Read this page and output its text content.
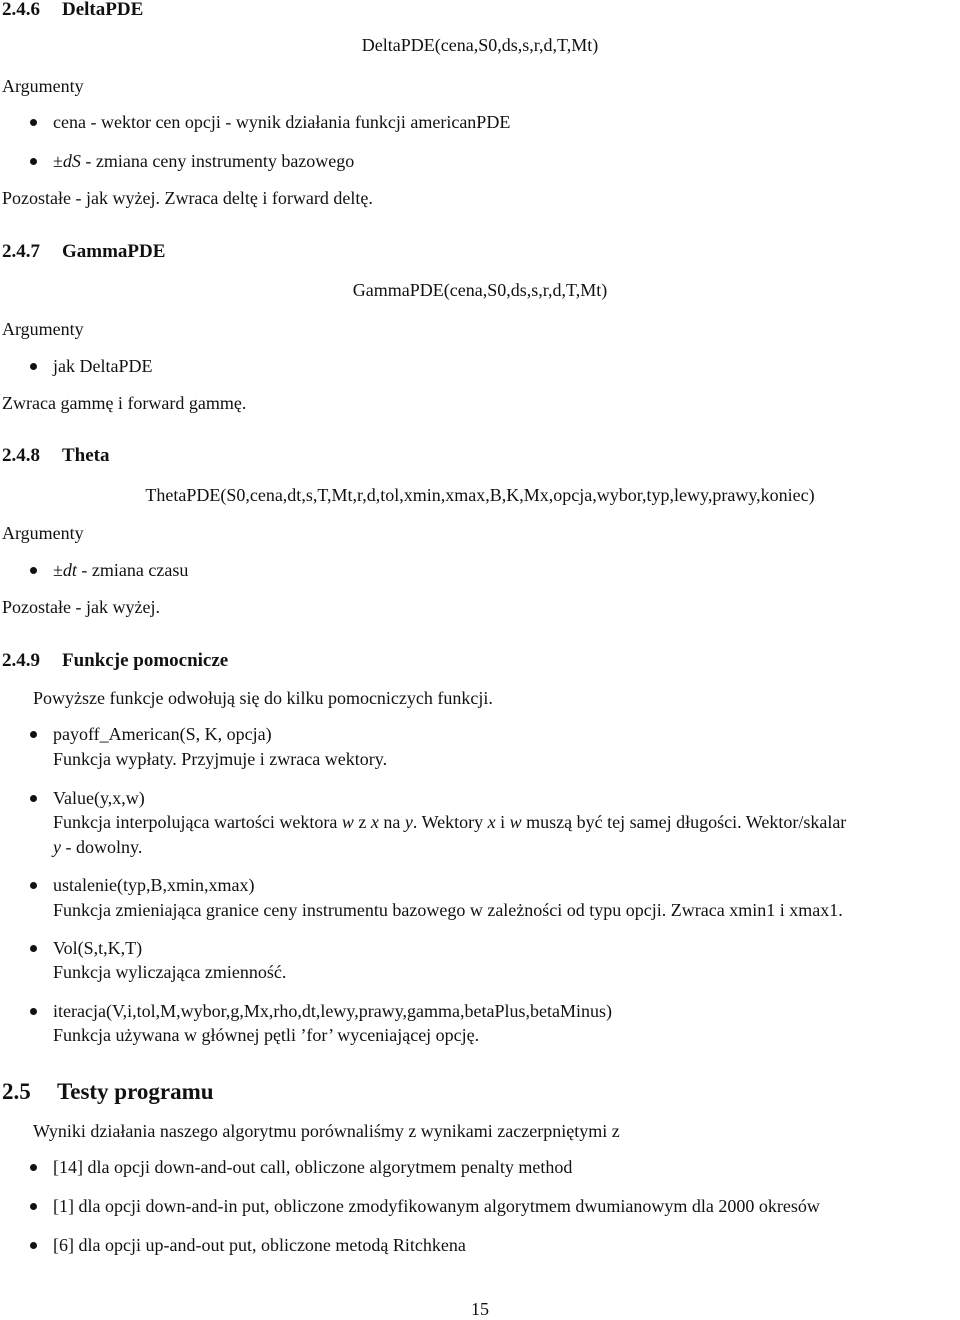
2.4.6 DeltaPDE
DeltaPDE(cena,S0,ds,s,r,d,T,Mt)
Argumenty
cena - wektor cen opcji - wynik działania funkcji americanPDE
±dS - zmiana ceny instrumenty bazowego
Pozostałe - jak wyżej. Zwraca deltę i forward deltę.
2.4.7 GammaPDE
GammaPDE(cena,S0,ds,s,r,d,T,Mt)
Argumenty
jak DeltaPDE
Zwraca gammę i forward gammę.
2.4.8 Theta
ThetaPDE(S0,cena,dt,s,T,Mt,r,d,tol,xmin,xmax,B,K,Mx,opcja,wybor,typ,lewy,prawy,koniec)
Argumenty
±dt - zmiana czasu
Pozostałe - jak wyżej.
2.4.9 Funkcje pomocnicze
Powyższe funkcje odwołują się do kilku pomocniczych funkcji.
payoff_American(S, K, opcja)
Funkcja wypłaty. Przyjmuje i zwraca wektory.
Value(y,x,w)
Funkcja interpolująca wartości wektora w z x na y. Wektory x i w muszą być tej samej długości. Wektor/skalar
y - dowolny.
ustalenie(typ,B,xmin,xmax)
Funkcja zmieniająca granice ceny instrumentu bazowego w zależności od typu opcji. Zwraca xmin1 i xmax1.
Vol(S,t,K,T)
Funkcja wyliczająca zmienność.
iteracja(V,i,tol,M,wybor,g,Mx,rho,dt,lewy,prawy,gamma,betaPlus,betaMinus)
Funkcja używana w głównej pętli ’for’ wyceniającej opcję.
2.5 Testy programu
Wyniki działania naszego algorytmu porównaliśmy z wynikami zaczerpniętymi z
[14] dla opcji down-and-out call, obliczone algorytmem penalty method
[1] dla opcji down-and-in put, obliczone zmodyfikowanym algorytmem dwumianowym dla 2000 okresów
[6] dla opcji up-and-out put, obliczone metodą Ritchkena
15
